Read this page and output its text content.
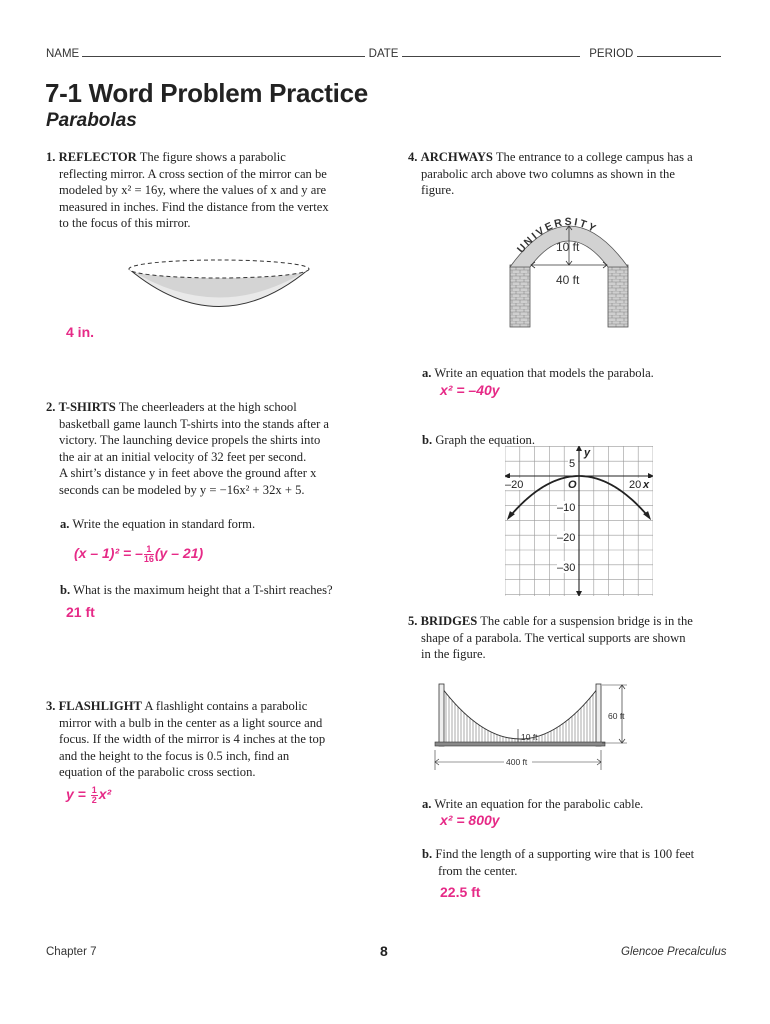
NAME	DATE	PERIOD
7-1 Word Problem Practice
Parabolas
1. REFLECTOR The figure shows a parabolic
reflecting mirror. A cross section of the mirror can be
modeled by x² = 16y, where the values of x and y are
measured in inches. Find the distance from the vertex
to the focus of this mirror.
4 in.
2. T-SHIRTS The cheerleaders at the high school
basketball game launch T-shirts into the stands after a
victory. The launching device propels the shirts into
the air at an initial velocity of 32 feet per second.
A shirt’s distance y in feet above the ground after x
seconds can be modeled by y = −16x² + 32x + 5.
a. Write the equation in standard form.
(x – 1)² = – $\frac{1}{16} (y - 21)$
b. What is the maximum height that a T-shirt reaches?
21 ft
3. FLASHLIGHT A flashlight contains a parabolic
mirror with a bulb in the center as a light source and
focus. If the width of the mirror is 4 inches at the top
and the height to the focus is 0.5 inch, find an
equation of the parabolic cross section.
$y = \frac{1}{2} x^2$
4. ARCHWAYS The entrance to a college campus has a
parabolic arch above two columns as shown in the
figure.
UNIVERSITY
10 ft
40 ft
a. Write an equation that models the parabola.
x² = –40y
b. Graph the equation.
–20	20 x
O
y
5
–10
–20
–30
5. BRIDGES The cable for a suspension bridge is in the
shape of a parabola. The vertical supports are shown
in the figure.
60 ft
10 ft
400 ft
a. Write an equation for the parabolic cable.
x² = 800y
b. Find the length of a supporting wire that is 100 feet
from the center.
22.5 ft
Chapter 7	8	Glencoe Precalculus
